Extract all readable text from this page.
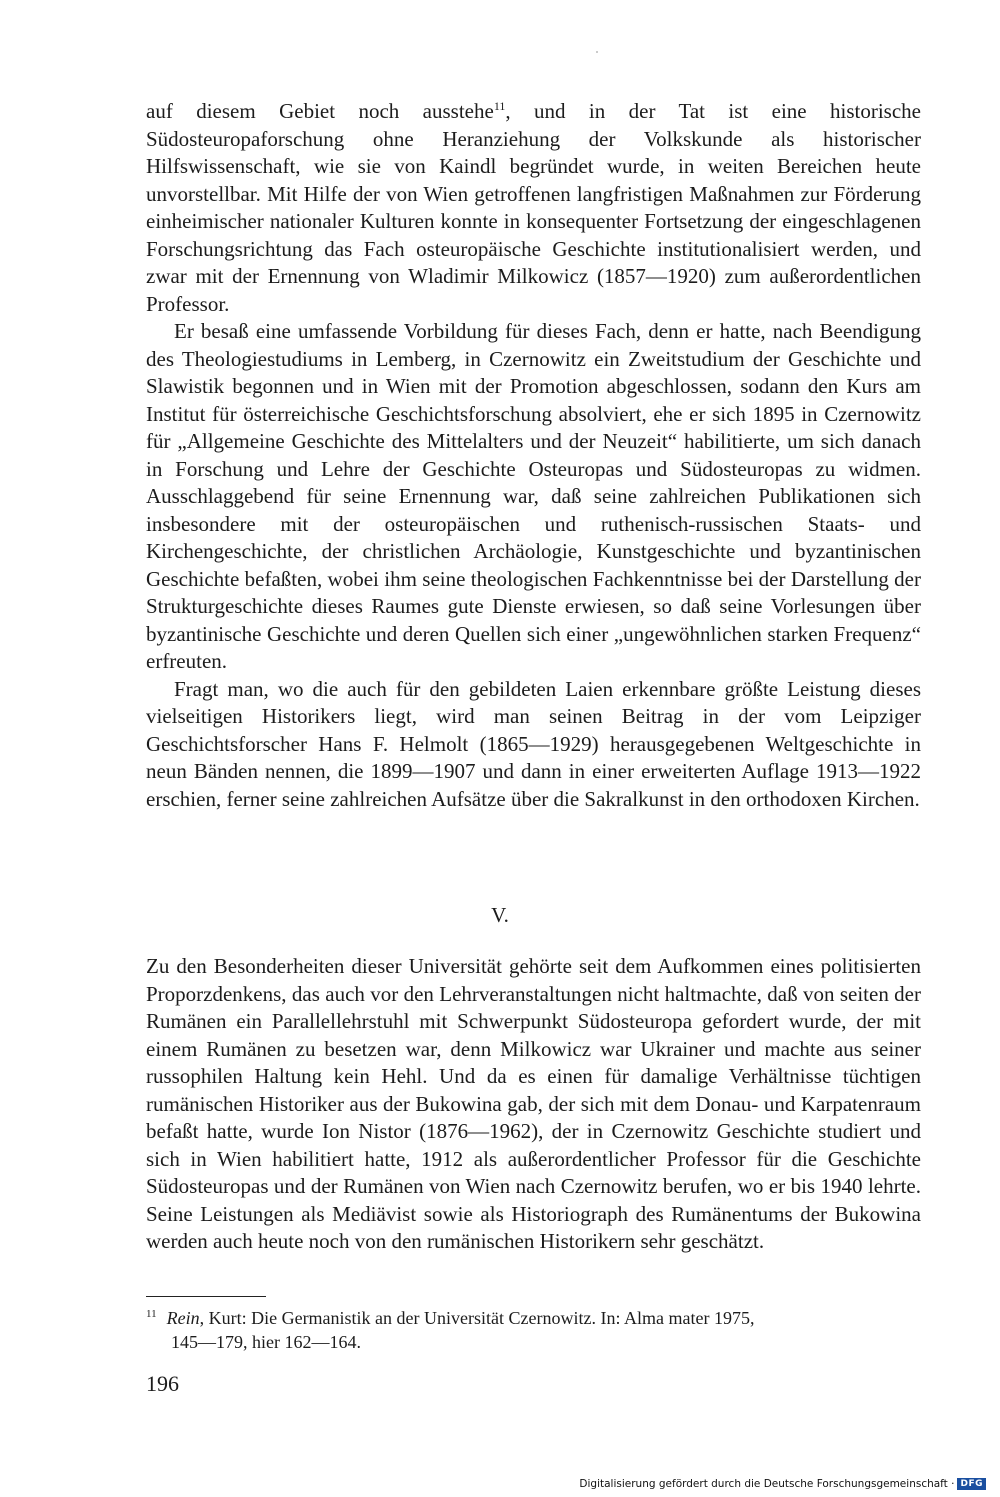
auf diesem Gebiet noch ausstehe$^{11}$, und in der Tat ist eine historische Südosteuropaforschung ohne Heranziehung der Volkskunde als historischer Hilfswissenschaft, wie sie von Kaindl begründet wurde, in weiten Bereichen heute unvorstellbar. Mit Hilfe der von Wien getroffenen langfristigen Maßnahmen zur Förderung einheimischer nationaler Kulturen konnte in konsequenter Fortsetzung der eingeschlagenen Forschungsrichtung das Fach osteuropäische Geschichte institutionalisiert werden, und zwar mit der Ernennung von Wladimir Milkowicz (1857—1920) zum außerordentlichen Professor.

Er besaß eine umfassende Vorbildung für dieses Fach, denn er hatte, nach Beendigung des Theologiestudiums in Lemberg, in Czernowitz ein Zweitstudium der Geschichte und Slawistik begonnen und in Wien mit der Promotion abgeschlossen, sodann den Kurs am Institut für österreichische Geschichtsforschung absolviert, ehe er sich 1895 in Czernowitz für „Allgemeine Geschichte des Mittelalters und der Neuzeit“ habilitierte, um sich danach in Forschung und Lehre der Geschichte Osteuropas und Südosteuropas zu widmen. Ausschlaggebend für seine Ernennung war, daß seine zahlreichen Publikationen sich insbesondere mit der osteuropäischen und ruthenisch-russischen Staats- und Kirchengeschichte, der christlichen Archäologie, Kunstgeschichte und byzantinischen Geschichte befaßten, wobei ihm seine theologischen Fachkenntnisse bei der Darstellung der Strukturgeschichte dieses Raumes gute Dienste erwiesen, so daß seine Vorlesungen über byzantinische Geschichte und deren Quellen sich einer „ungewöhnlichen starken Frequenz“ erfreuten.

Fragt man, wo die auch für den gebildeten Laien erkennbare größte Leistung dieses vielseitigen Historikers liegt, wird man seinen Beitrag in der vom Leipziger Geschichtsforscher Hans F. Helmolt (1865—1929) herausgegebenen Weltgeschichte in neun Bänden nennen, die 1899—1907 und dann in einer erweiterten Auflage 1913—1922 erschien, ferner seine zahlreichen Aufsätze über die Sakralkunst in den orthodoxen Kirchen.

V.

Zu den Besonderheiten dieser Universität gehörte seit dem Aufkommen eines politisierten Proporzdenkens, das auch vor den Lehrveranstaltungen nicht haltmachte, daß von seiten der Rumänen ein Parallellehrstuhl mit Schwerpunkt Südosteuropa gefordert wurde, der mit einem Rumänen zu besetzen war, denn Milkowicz war Ukrainer und machte aus seiner russophilen Haltung kein Hehl. Und da es einen für damalige Verhältnisse tüchtigen rumänischen Historiker aus der Bukowina gab, der sich mit dem Donau- und Karpatenraum befaßt hatte, wurde Ion Nistor (1876—1962), der in Czernowitz Geschichte studiert und sich in Wien habilitiert hatte, 1912 als außerordentlicher Professor für die Geschichte Südosteuropas und der Rumänen von Wien nach Czernowitz berufen, wo er bis 1940 lehrte. Seine Leistungen als Mediävist sowie als Historiograph des Rumänentums der Bukowina werden auch heute noch von den rumänischen Historikern sehr geschätzt.

$^{11}$ Rein, Kurt: Die Germanistik an der Universität Czernowitz. In: Alma mater 1975,
145—179, hier 162—164.
196
Digitalisierung gefördert durch die Deutsche Forschungsgemeinschaft · DFG
